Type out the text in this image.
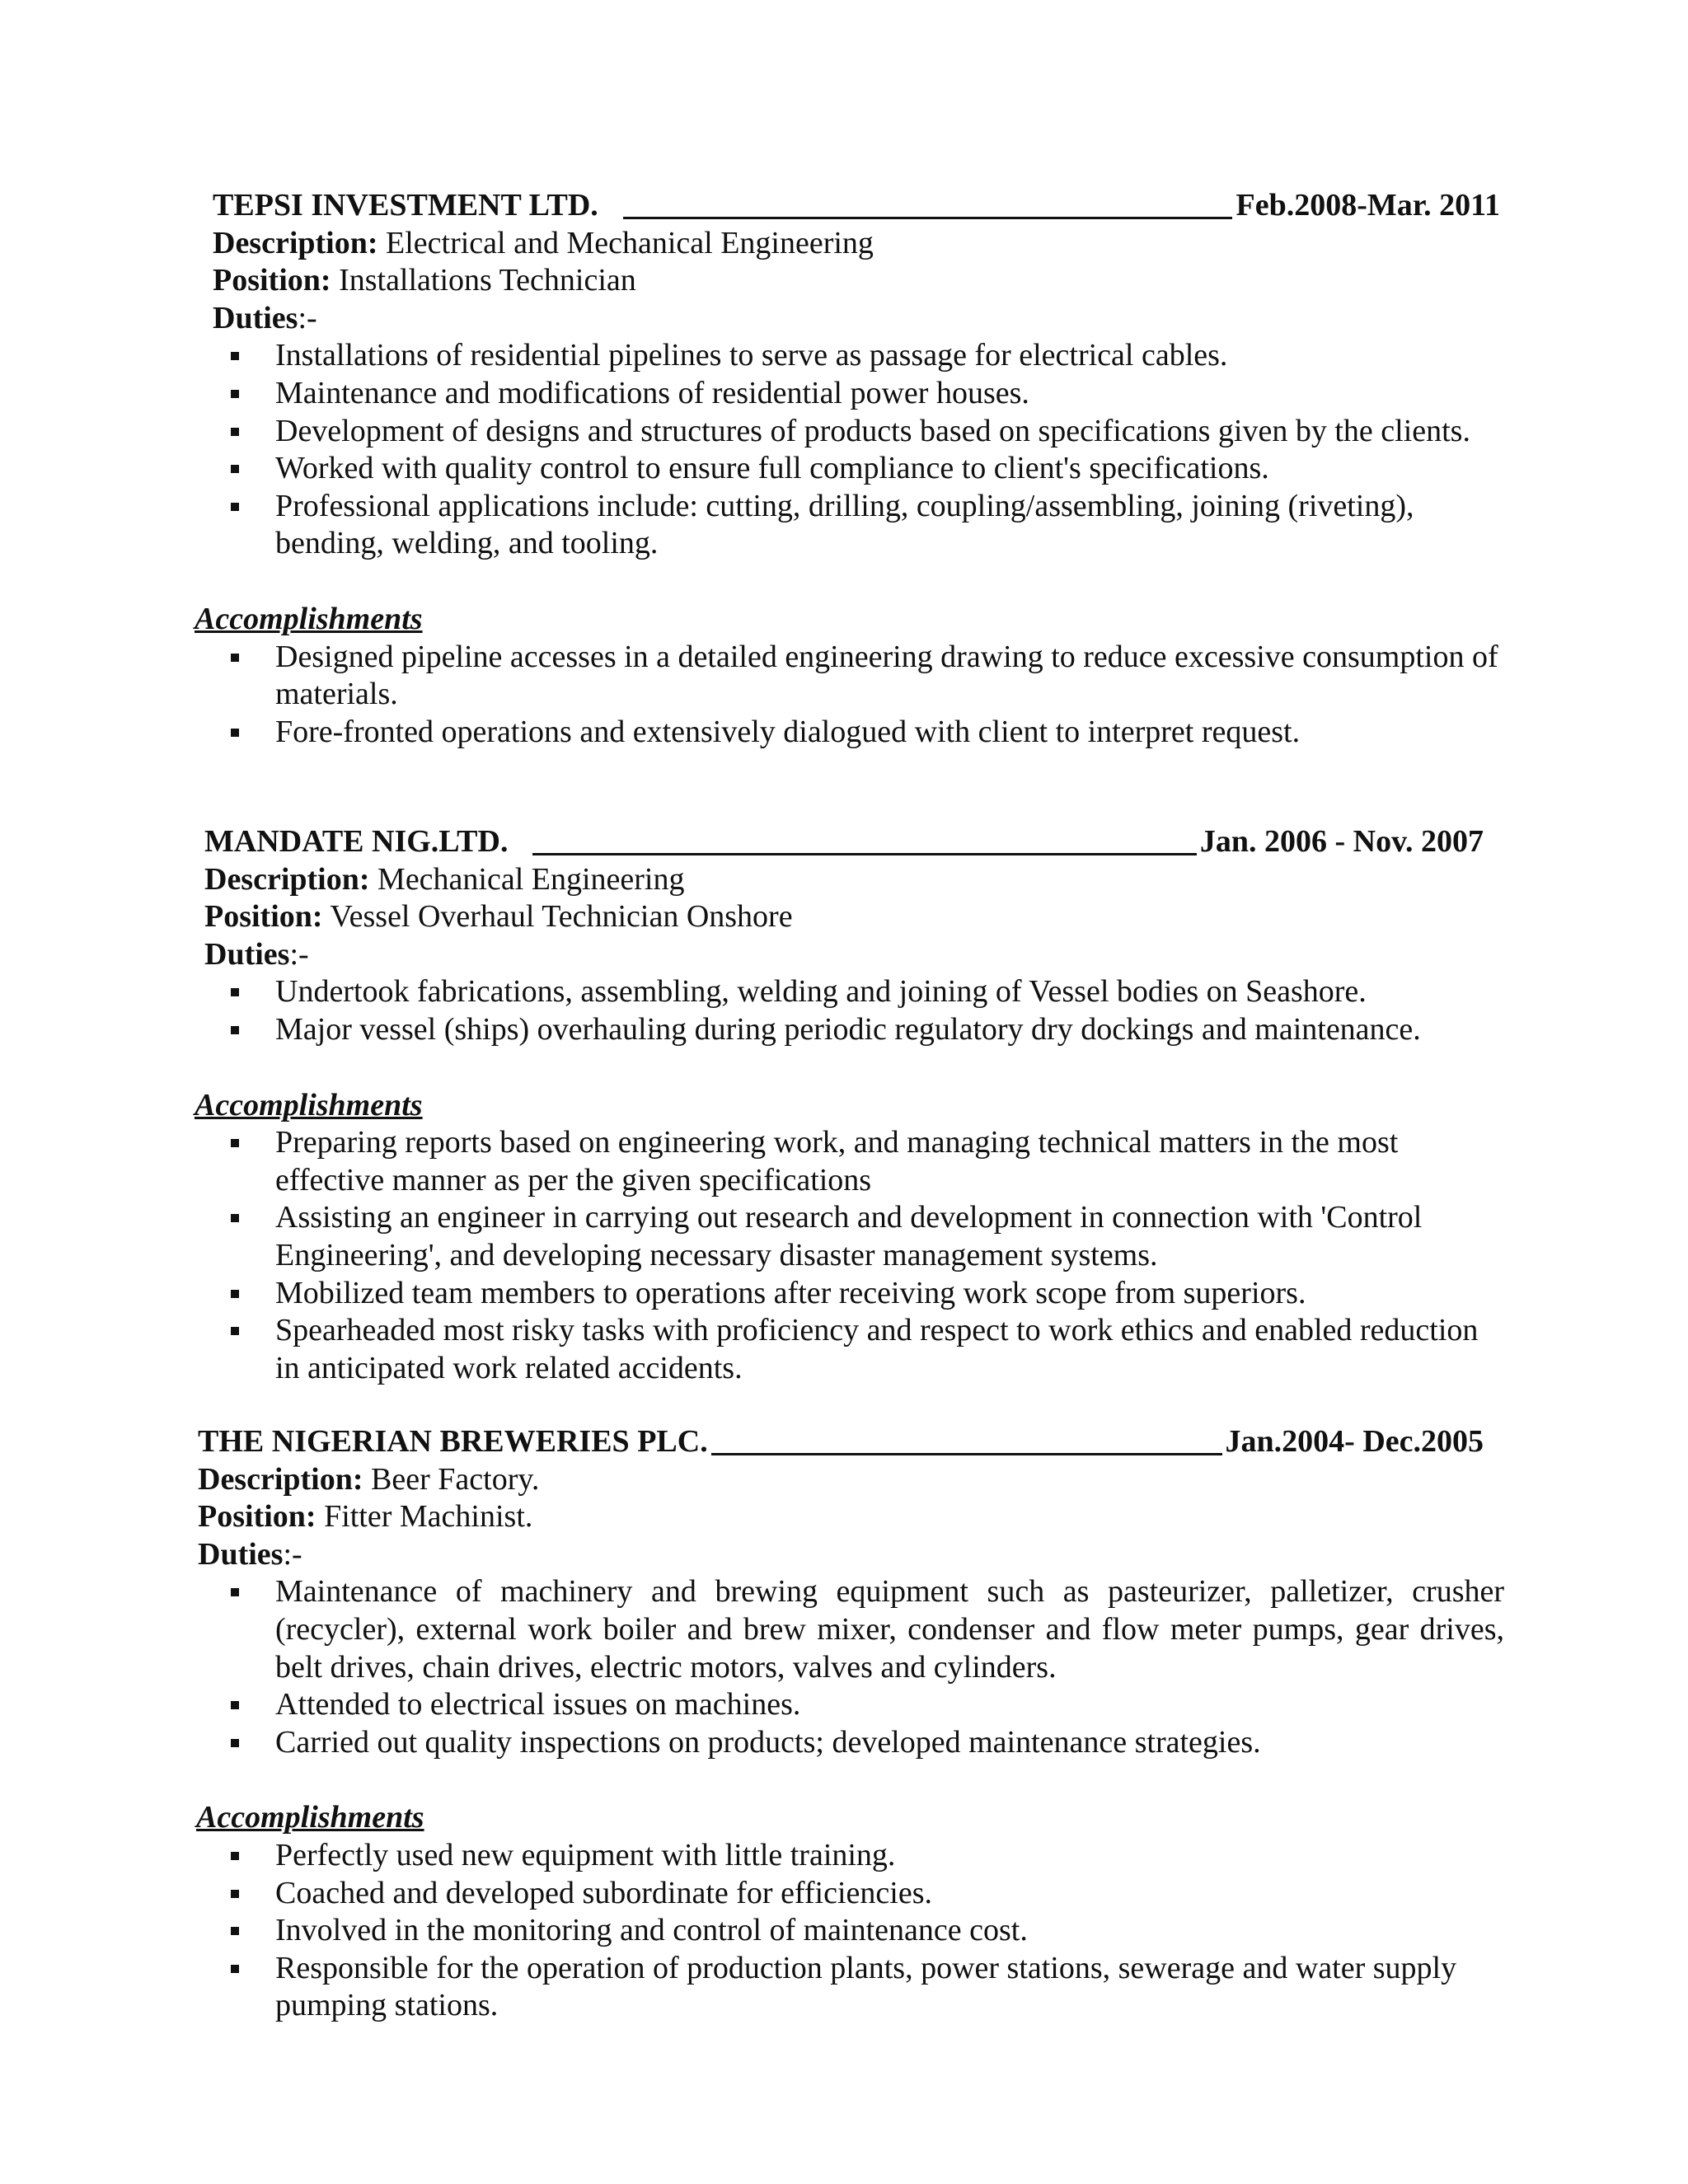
TEPSI INVESTMENT LTD.	Feb.2008-Mar. 2011
Description: Electrical and Mechanical Engineering
Position: Installations Technician
Duties:-
Installations of residential pipelines to serve as passage for electrical cables.
Maintenance and modifications of residential power houses.
Development of designs and structures of products based on specifications given by the clients.
Worked with quality control to ensure full compliance to client's specifications.
Professional applications include: cutting, drilling, coupling/assembling, joining (riveting), bending, welding, and tooling.
Accomplishments
Designed pipeline accesses in a detailed engineering drawing to reduce excessive consumption of materials.
Fore-fronted operations and extensively dialogued with client to interpret request.
MANDATE NIG.LTD.	Jan. 2006 - Nov. 2007
Description: Mechanical Engineering
Position: Vessel Overhaul Technician Onshore
Duties:-
Undertook fabrications, assembling, welding and joining of Vessel bodies on Seashore.
Major vessel (ships) overhauling during periodic regulatory dry dockings and maintenance.
Accomplishments
Preparing reports based on engineering work, and managing technical matters in the most effective manner as per the given specifications
Assisting an engineer in carrying out research and development in connection with 'Control Engineering', and developing necessary disaster management systems.
Mobilized team members to operations after receiving work scope from superiors.
Spearheaded most risky tasks with proficiency and respect to work ethics and enabled reduction in anticipated work related accidents.
THE NIGERIAN BREWERIES PLC.	Jan.2004- Dec.2005
Description: Beer Factory.
Position: Fitter Machinist.
Duties:-
Maintenance of machinery and brewing equipment such as pasteurizer, palletizer, crusher (recycler), external work boiler and brew mixer, condenser and flow meter pumps, gear drives, belt drives, chain drives, electric motors, valves and cylinders.
Attended to electrical issues on machines.
Carried out quality inspections on products; developed maintenance strategies.
Accomplishments
Perfectly used new equipment with little training.
Coached and developed subordinate for efficiencies.
Involved in the monitoring and control of maintenance cost.
Responsible for the operation of production plants, power stations, sewerage and water supply pumping stations.
